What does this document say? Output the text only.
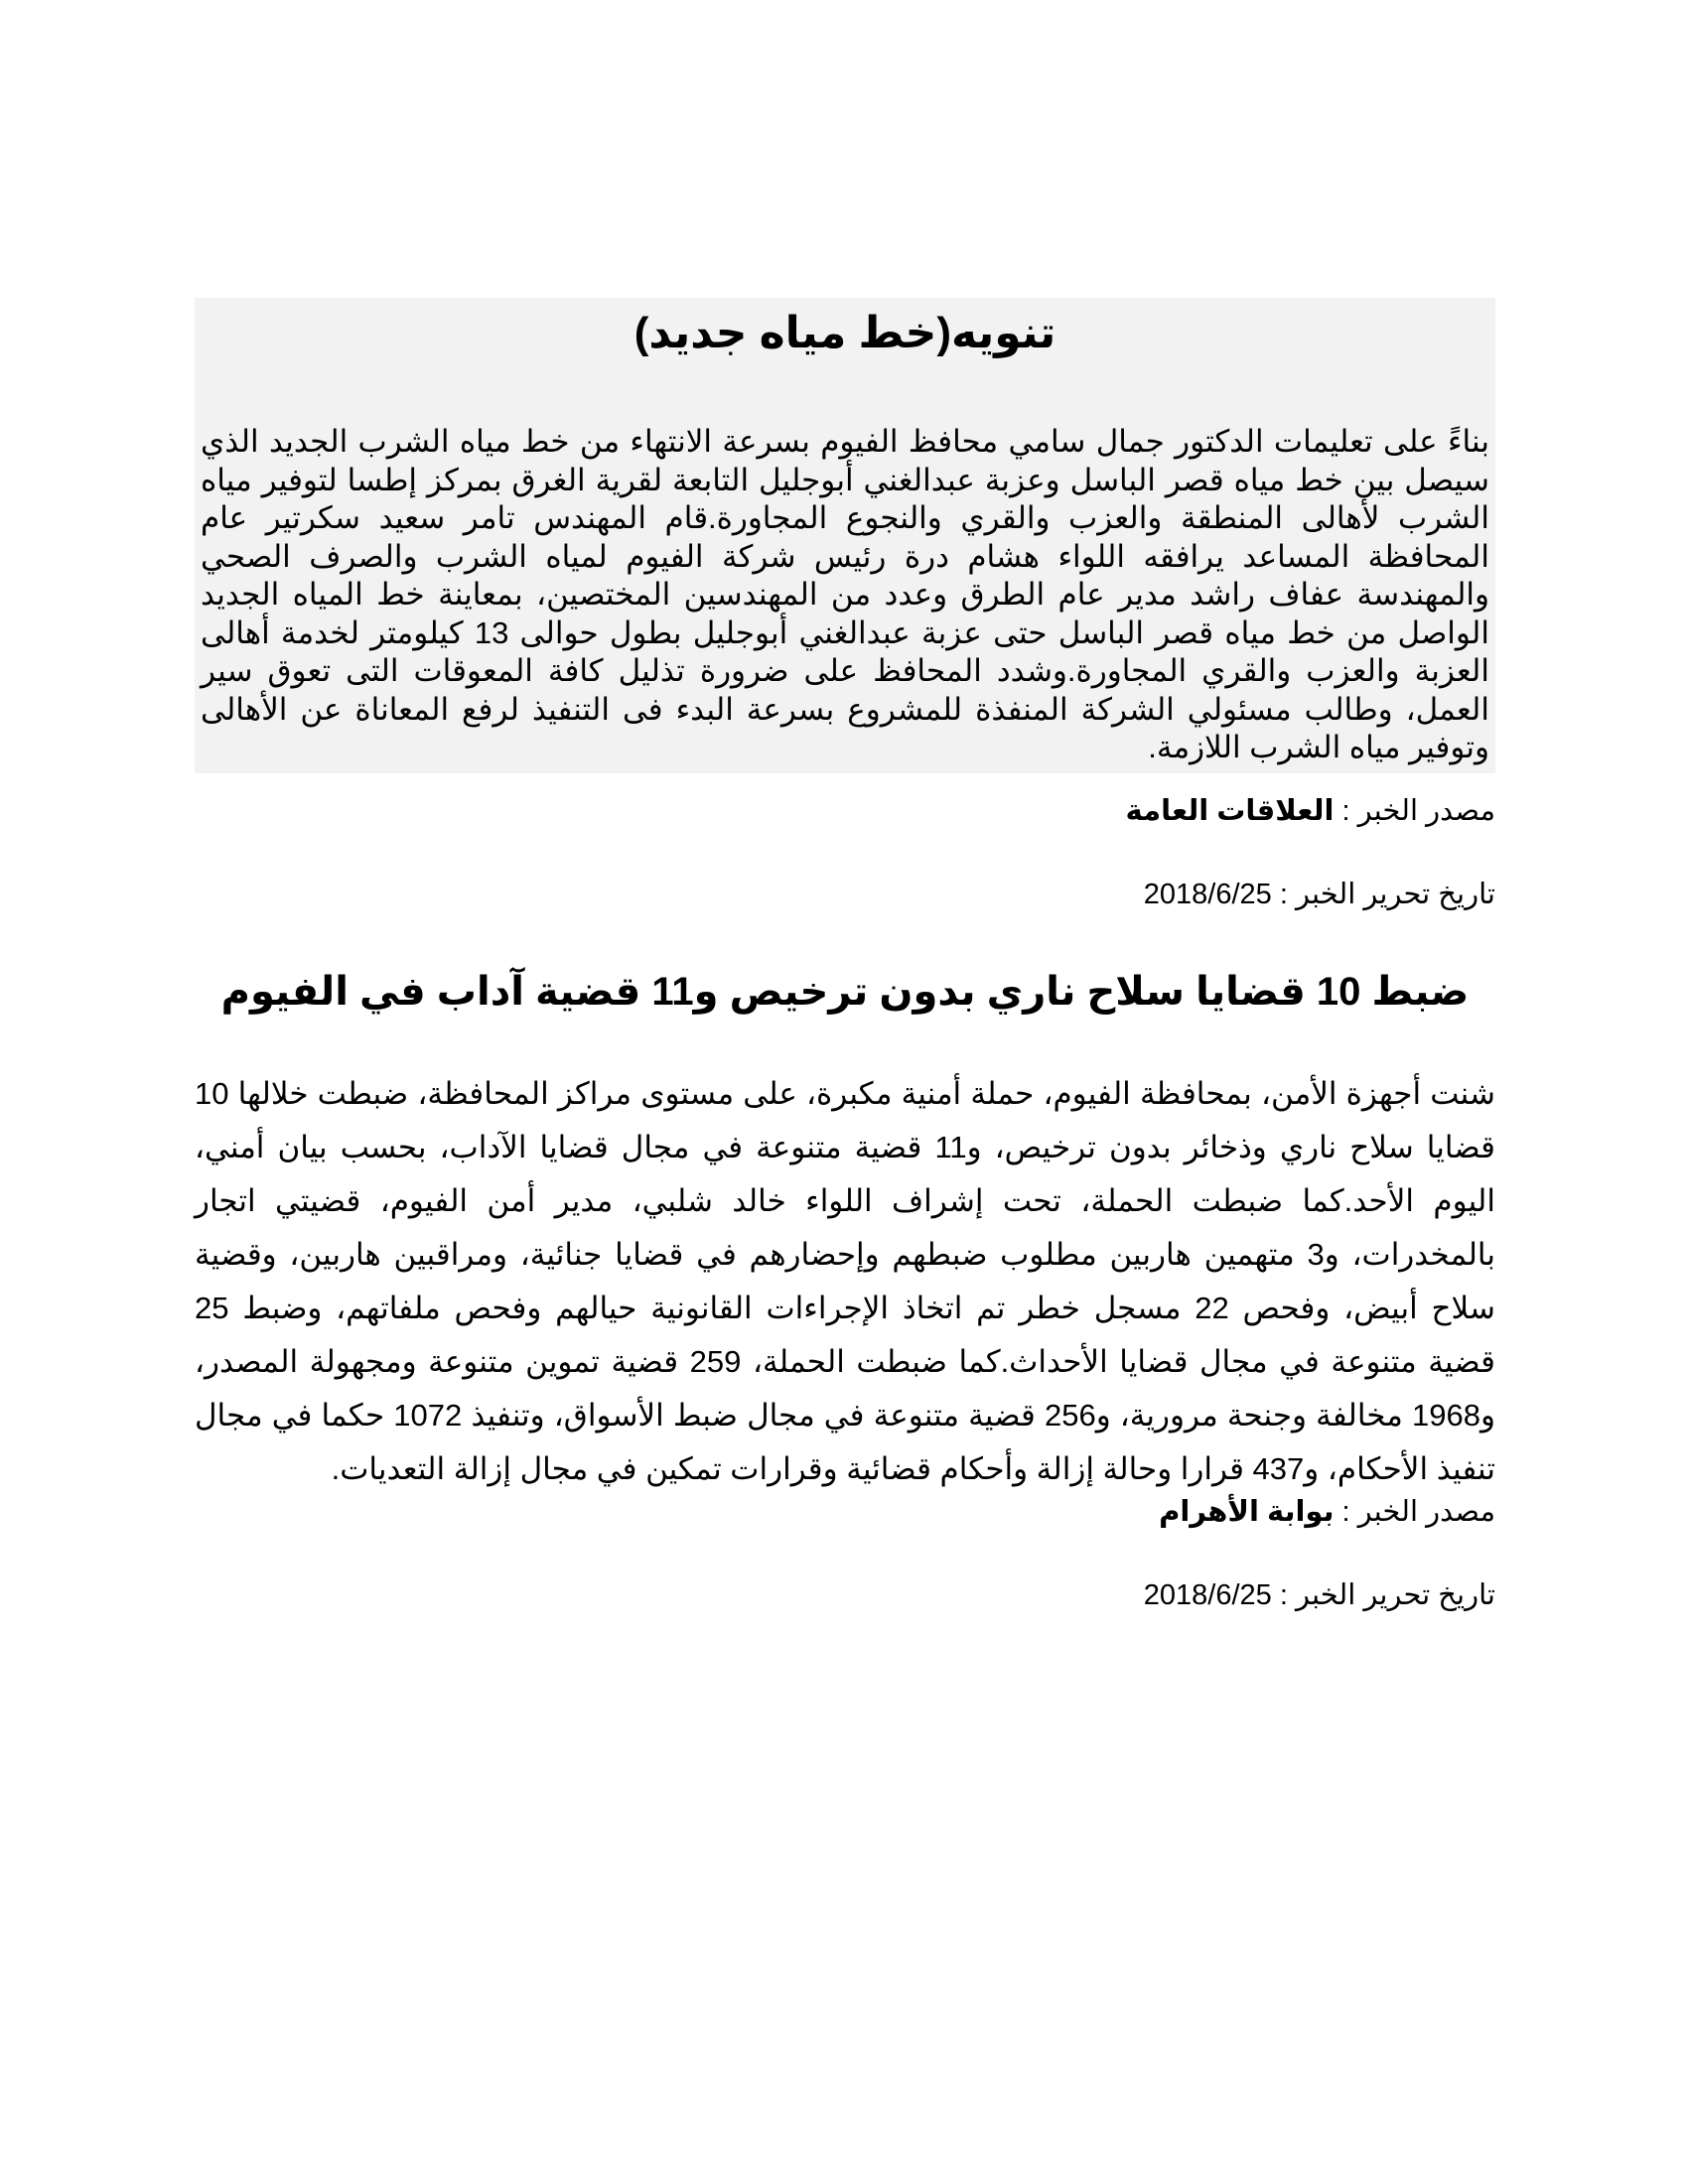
تنويه(خط مياه جديد)

بناءً على تعليمات الدكتور جمال سامي محافظ الفيوم بسرعة الانتهاء من خط مياه الشرب الجديد الذي سيصل بين خط مياه قصر الباسل وعزبة عبدالغني أبوجليل التابعة لقرية الغرق بمركز إطسا لتوفير مياه الشرب لأهالى المنطقة والعزب والقري والنجوع المجاورة.قام المهندس تامر سعيد سكرتير عام المحافظة المساعد يرافقه اللواء هشام درة رئيس شركة الفيوم لمياه الشرب والصرف الصحي والمهندسة عفاف راشد مدير عام الطرق وعدد من المهندسين المختصين، بمعاينة خط المياه الجديد الواصل من خط مياه قصر الباسل حتى عزبة عبدالغني أبوجليل بطول حوالى 13 كيلومتر لخدمة أهالى العزبة والعزب والقري المجاورة.وشدد المحافظ على ضرورة تذليل كافة المعوقات التى تعوق سير العمل، وطالب مسئولي الشركة المنفذة للمشروع بسرعة البدء فى التنفيذ لرفع المعاناة عن الأهالى وتوفير مياه الشرب اللازمة.

مصدر الخبر : العلاقات العامة

تاريخ تحرير الخبر : 2018/6/25

ضبط 10 قضايا سلاح ناري بدون ترخيص و11 قضية آداب في الفيوم

شنت أجهزة الأمن، بمحافظة الفيوم، حملة أمنية مكبرة، على مستوى مراكز المحافظة، ضبطت خلالها 10 قضايا سلاح ناري وذخائر بدون ترخيص، و11 قضية متنوعة في مجال قضايا الآداب، بحسب بيان أمني، اليوم الأحد.كما ضبطت الحملة، تحت إشراف اللواء خالد شلبي، مدير أمن الفيوم، قضيتي اتجار بالمخدرات، و3 متهمين هاربين مطلوب ضبطهم وإحضارهم في قضايا جنائية، ومراقبين هاربين، وقضية سلاح أبيض، وفحص 22 مسجل خطر تم اتخاذ الإجراءات القانونية حيالهم وفحص ملفاتهم، وضبط 25 قضية متنوعة في مجال قضايا الأحداث.كما ضبطت الحملة، 259 قضية تموين متنوعة ومجهولة المصدر، و1968 مخالفة وجنحة مرورية، و256 قضية متنوعة في مجال ضبط الأسواق، وتنفيذ 1072 حكما في مجال تنفيذ الأحكام، و437 قرارا وحالة إزالة وأحكام قضائية وقرارات تمكين في مجال إزالة التعديات.

مصدر الخبر : بوابة الأهرام

تاريخ تحرير الخبر : 2018/6/25
